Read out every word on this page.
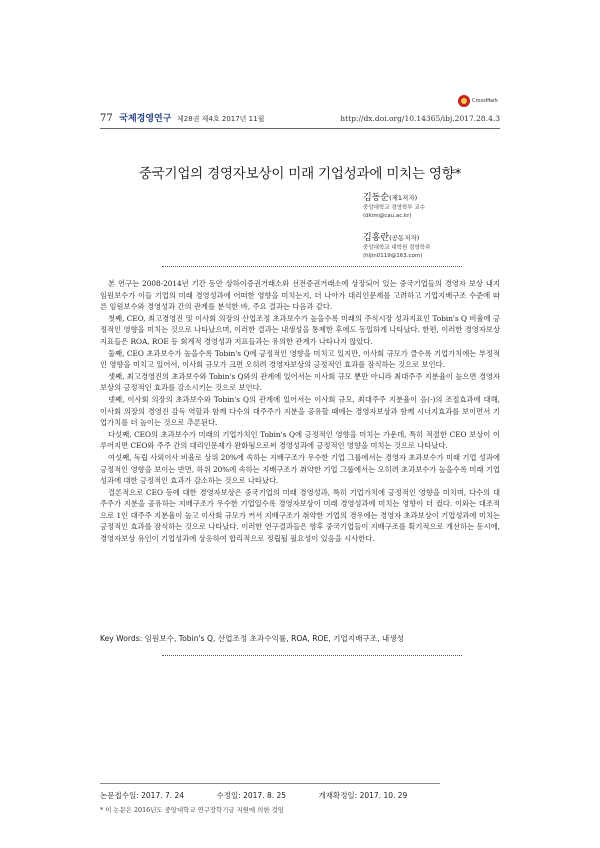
CrossMark
77 국제경영연구 제28권 제4호 2017년 11월	http://dx.doi.org/10.14365/ibj.2017.28.4.3
중국기업의 경영자보상이 미래 기업성과에 미치는 영향*
김동순(제1저자)
중앙대학교 경영학부 교수
(dkim@cau.ac.kr)
김홍란(공동저자)
중앙대학교 대학원 경영학과
(hljin0119@163.com)

본 연구는 2008-2014년 기간 동안 상하이증권거래소와 선전증권거래소에 상장되어 있는 중국기업들의 경영자 보상 내지 임원보수가 이들 기업의 미래 경영성과에 어떠한 영향을 미치는지, 더 나아가 대리인문제를 고려하고 기업지배구조 수준에 따른 임원보수와 경영성과 간의 관계를 분석한 바, 주요 결과는 다음과 같다.

첫째, CEO, 최고경영진 및 이사회 의장의 산업조정 초과보수가 높을수록 미래의 주식시장 성과지표인 Tobin's Q 비율에 긍정적인 영향을 미치는 것으로 나타났으며, 이러한 결과는 내생성을 통제한 후에도 동일하게 나타났다. 한편, 이러한 경영자보상 지표들은 ROA, ROE 등 회계적 경영성과 지표들과는 유의한 관계가 나타나지 않았다.

둘째, CEO 초과보수가 높을수록 Tobin's Q에 긍정적인 영향을 미치고 있지만, 이사회 규모가 클수록 기업가치에는 부정적인 영향을 미치고 있어서, 이사회 규모가 크면 오히려 경영자보상의 긍정적인 효과를 잠식하는 것으로 보인다.

셋째, 최고경영진의 초과보수와 Tobin's Q와의 관계에 있어서는 이사회 규모 뿐만 아니라 최대주주 지분율이 높으면 경영자보상의 긍정적인 효과를 감소시키는 것으로 보인다.

넷째, 이사회 의장의 초과보수와 Tobin's Q의 관계에 있어서는 이사회 규모, 최대주주 지분율이 음(-)의 조절효과에 대해, 이사회 의장의 경영진 감독 역할과 함께 다수의 대주주가 지분을 공유할 때에는 경영자보상과 함께 시너지효과를 보이면서 기업가치를 더 높이는 것으로 추론된다.

다섯째, CEO의 초과보수가 미래의 기업가치인 Tobin's Q에 긍정적인 영향을 미치는 가운데, 특히 적절한 CEO 보상이 이루어지면 CEO와 주주 간의 대리인문제가 완화됨으로써 경영성과에 긍정적인 영향을 미치는 것으로 나타났다.

여섯째, 독립 사외이사 비율로 상위 20%에 속하는 지배구조가 우수한 기업 그룹에서는 경영자 초과보수가 미래 기업 성과에 긍정적인 영향을 보이는 반면, 하위 20%에 속하는 지배구조가 취약한 기업 그룹에서는 오히려 초과보수가 높을수록 미래 기업성과에 대한 긍정적인 효과가 감소하는 것으로 나타났다.

결론적으로 CEO 등에 대한 경영자보상은 중국기업의 미래 경영성과, 특히 기업가치에 긍정적인 영향을 미치며, 다수의 대주주가 지분을 공유하는 지배구조가 우수한 기업일수록 경영자보상이 미래 경영성과에 미치는 영향이 더 컸다. 이와는 대조적으로 1인 대주주 지분율이 높고 이사회 규모가 커서 지배구조가 취약한 기업의 경우에는 경영자 초과보상이 기업성과에 미치는 긍정적인 효과를 잠식하는 것으로 나타났다. 이러한 연구결과들은 향후 중국기업들이 지배구조를 획기적으로 개선하는 동시에, 경영자보상 유인이 기업성과에 상응하여 합리적으로 정립될 필요성이 있음을 시사한다.

Key Words: 임원보수, Tobin's Q, 산업조정 초과수익률, ROA, ROE, 기업지배구조, 내생성
논문접수일: 2017. 7. 24	수정일: 2017. 8. 25	게재확정일: 2017. 10. 29
* 이 논문은 2016년도 중앙대학교 연구장학기금 지원에 의한 것임
